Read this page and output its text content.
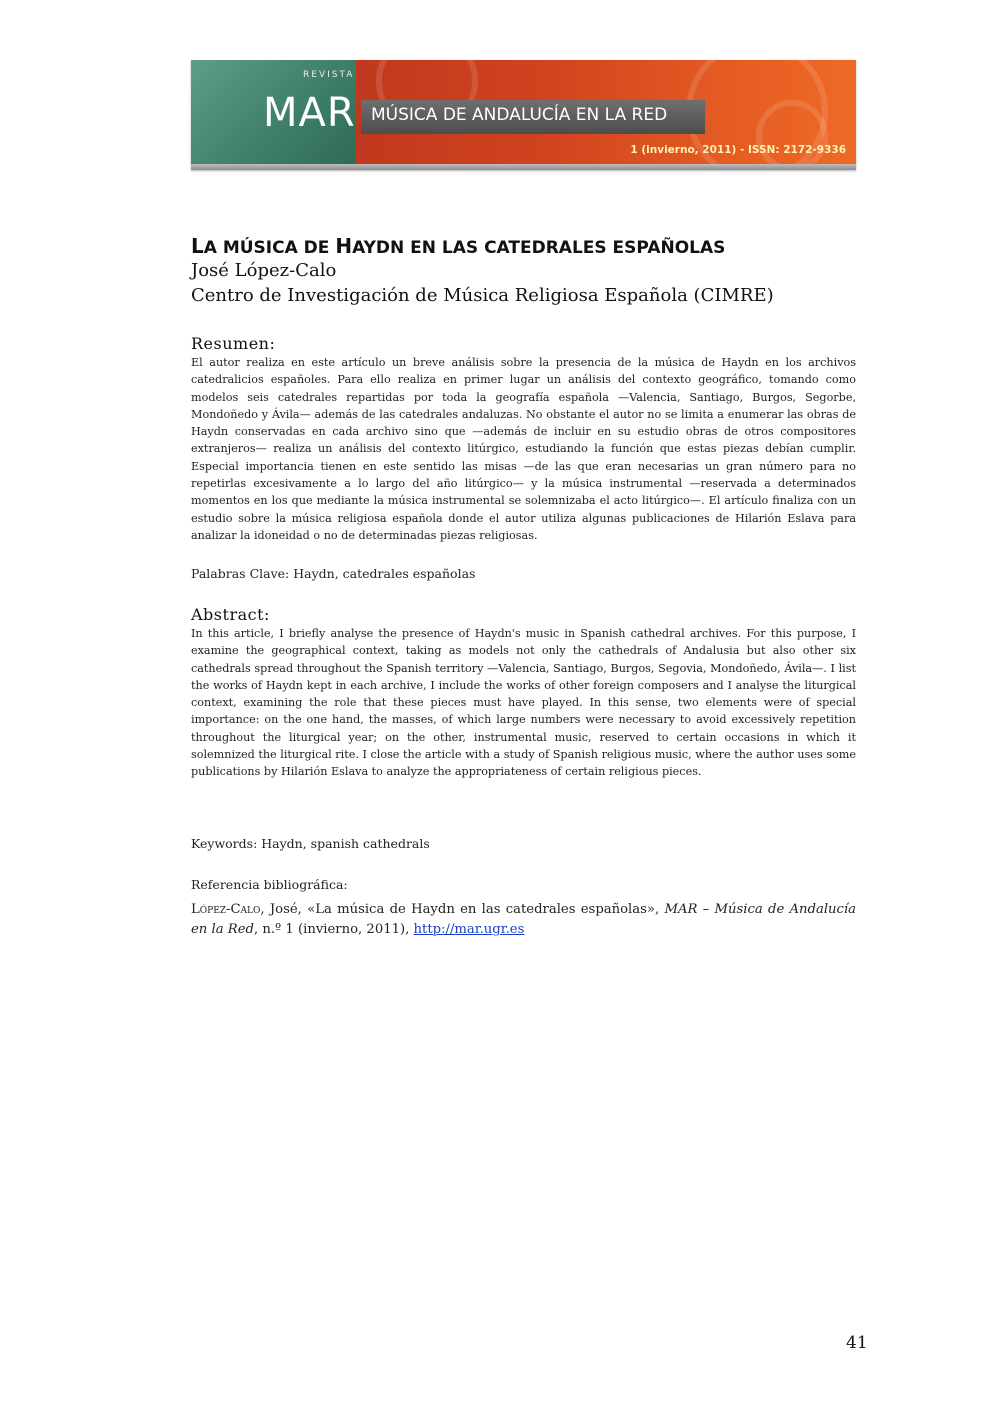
REVISTA
MAR MÚSICA DE ANDALUCÍA EN LA RED
1 (invierno, 2011) - ISSN: 2172-9336
LA MÚSICA DE HAYDN EN LAS CATEDRALES ESPAÑOLAS
José López-Calo
Centro de Investigación de Música Religiosa Española (CIMRE)
Resumen:

El autor realiza en este artículo un breve análisis sobre la presencia de la música de Haydn en los archivos catedralicios españoles. Para ello realiza en primer lugar un análisis del contexto geográfico, tomando como modelos seis catedrales repartidas por toda la geografía española —Valencia, Santiago, Burgos, Segorbe, Mondoñedo y Ávila— además de las catedrales andaluzas. No obstante el autor no se limita a enumerar las obras de Haydn conservadas en cada archivo sino que —además de incluir en su estudio obras de otros compositores extranjeros— realiza un análisis del contexto litúrgico, estudiando la función que estas piezas debían cumplir. Especial importancia tienen en este sentido las misas —de las que eran necesarias un gran número para no repetirlas excesivamente a lo largo del año litúrgico— y la música instrumental —reservada a determinados momentos en los que mediante la música instrumental se solemnizaba el acto litúrgico—. El artículo finaliza con un estudio sobre la música religiosa española donde el autor utiliza algunas publicaciones de Hilarión Eslava para analizar la idoneidad o no de determinadas piezas religiosas.

Palabras Clave: Haydn, catedrales españolas
Abstract:

In this article, I briefly analyse the presence of Haydn's music in Spanish cathedral archives. For this purpose, I examine the geographical context, taking as models not only the cathedrals of Andalusia but also other six cathedrals spread throughout the Spanish territory —Valencia, Santiago, Burgos, Segovia, Mondoñedo, Ávila—. I list the works of Haydn kept in each archive, I include the works of other foreign composers and I analyse the liturgical context, examining the role that these pieces must have played. In this sense, two elements were of special importance: on the one hand, the masses, of which large numbers were necessary to avoid excessively repetition throughout the liturgical year; on the other, instrumental music, reserved to certain occasions in which it solemnized the liturgical rite. I close the article with a study of Spanish religious music, where the author uses some publications by Hilarión Eslava to analyze the appropriateness of certain religious pieces.

Keywords: Haydn, spanish cathedrals
Referencia bibliográfica:

López-Calo, José, «La música de Haydn en las catedrales españolas», MAR – Música de Andalucía en la Red, n.º 1 (invierno, 2011), http://mar.ugr.es

41
